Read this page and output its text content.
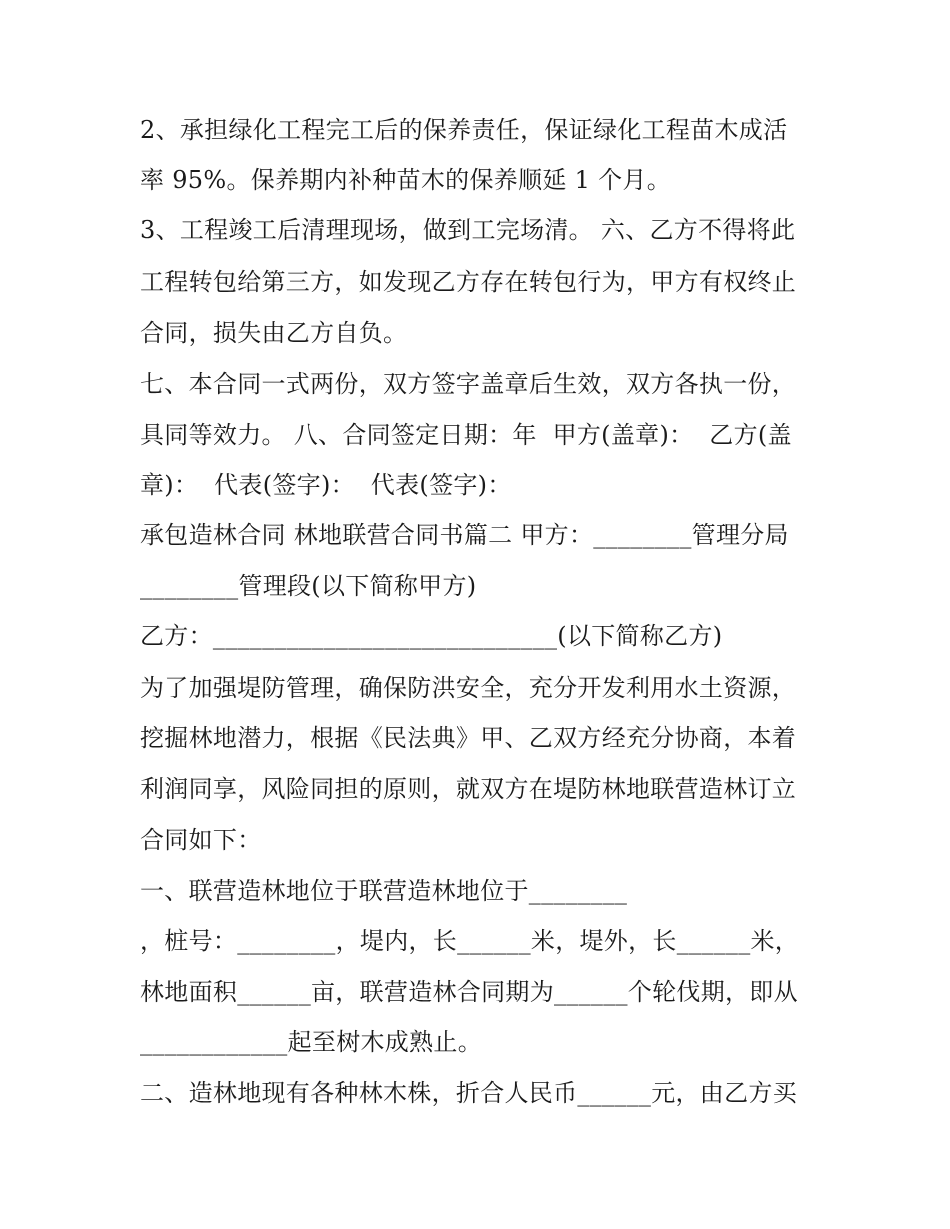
2、承担绿化工程完工后的保养责任，保证绿化工程苗木成活
率 95%。保养期内补种苗木的保养顺延 1 个月。
3、工程竣工后清理现场，做到工完场清。 六、乙方不得将此
工程转包给第三方，如发现乙方存在转包行为，甲方有权终止
合同，损失由乙方自负。
七、本合同一式两份，双方签字盖章后生效，双方各执一份，
具同等效力。 八、合同签定日期：年  甲方(盖章)：  乙方(盖
章)：  代表(签字)：  代表(签字)：
承包造林合同 林地联营合同书篇二 甲方：________管理分局
________管理段(以下简称甲方)
乙方：____________________________(以下简称乙方)
为了加强堤防管理，确保防洪安全，充分开发利用水土资源，
挖掘林地潜力，根据《民法典》甲、乙双方经充分协商，本着
利润同享，风险同担的原则，就双方在堤防林地联营造林订立
合同如下：
一、联营造林地位于联营造林地位于________
，桩号：________，堤内，长______米，堤外，长______米，
林地面积______亩，联营造林合同期为______个轮伐期，即从
____________起至树木成熟止。
二、造林地现有各种林木株，折合人民币______元，由乙方买
